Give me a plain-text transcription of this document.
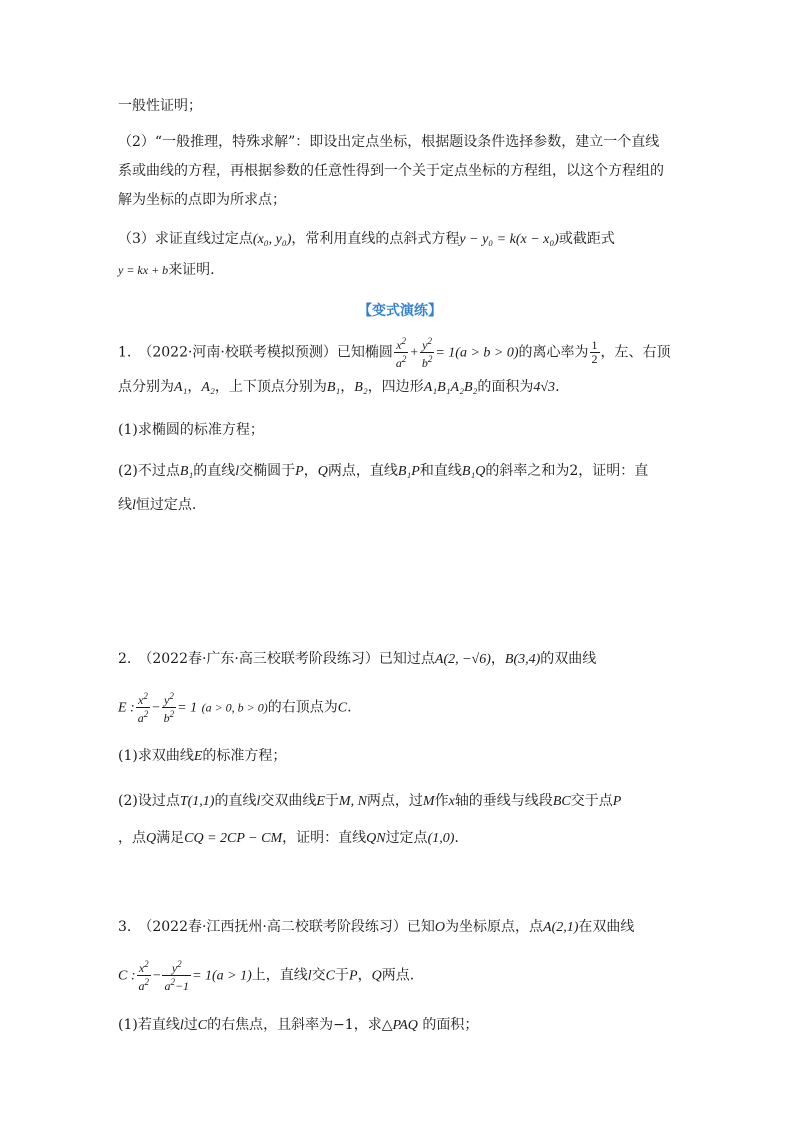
一般性证明；
（2）“一般推理，特殊求解”：即设出定点坐标，根据题设条件选择参数，建立一个直线
系或曲线的方程，再根据参数的任意性得到一个关于定点坐标的方程组，以这个方程组的
解为坐标的点即为所求点；
（3）求证直线过定点(x₀, y₀)，常利用直线的点斜式方程y − y₀ = k(x − x₀)或截距式
y = kx + b来证明.
【变式演练】
1.　（2022·河南·校联考模拟预测）已知椭圆 $\frac{x^2}{a^2} + \frac{y^2}{b^2} = 1(a > b > 0)$的离心率为 $\frac{1}{2}$ ，左、右顶
点分别为A₁，A₂，上下顶点分别为B₁，B₂，四边形A₁B₁A₂B₂的面积为4√3.
(1)求椭圆的标准方程；
(2)不过点B₁的直线l交椭圆于P，Q两点，直线B₁P和直线B₁Q的斜率之和为2，证明：直
线l恒过定点.
2.　（2022春·广东·高三校联考阶段练习）已知过点A(2, −√6)，B(3,4)的双曲线
E : $\frac{x^2}{a^2} - \frac{y^2}{b^2} = 1$ (a > 0, b > 0)的右顶点为C.
(1)求双曲线E的标准方程；
(2)设过点T(1,1)的直线l交双曲线E于M, N两点，过M作x轴的垂线与线段BC交于点P
，点Q满足CQ = 2CP − CM，证明：直线QN过定点(1,0).
3.　（2022春·江西抚州·高二校联考阶段练习）已知O为坐标原点，点A(2,1)在双曲线
C : $\frac{x^2}{a^2} - \frac{y^2}{a^2-1} = 1(a > 1)$上，直线l交C于P，Q两点.
(1)若直线l过C的右焦点，且斜率为−1，求△PAQ 的面积；
